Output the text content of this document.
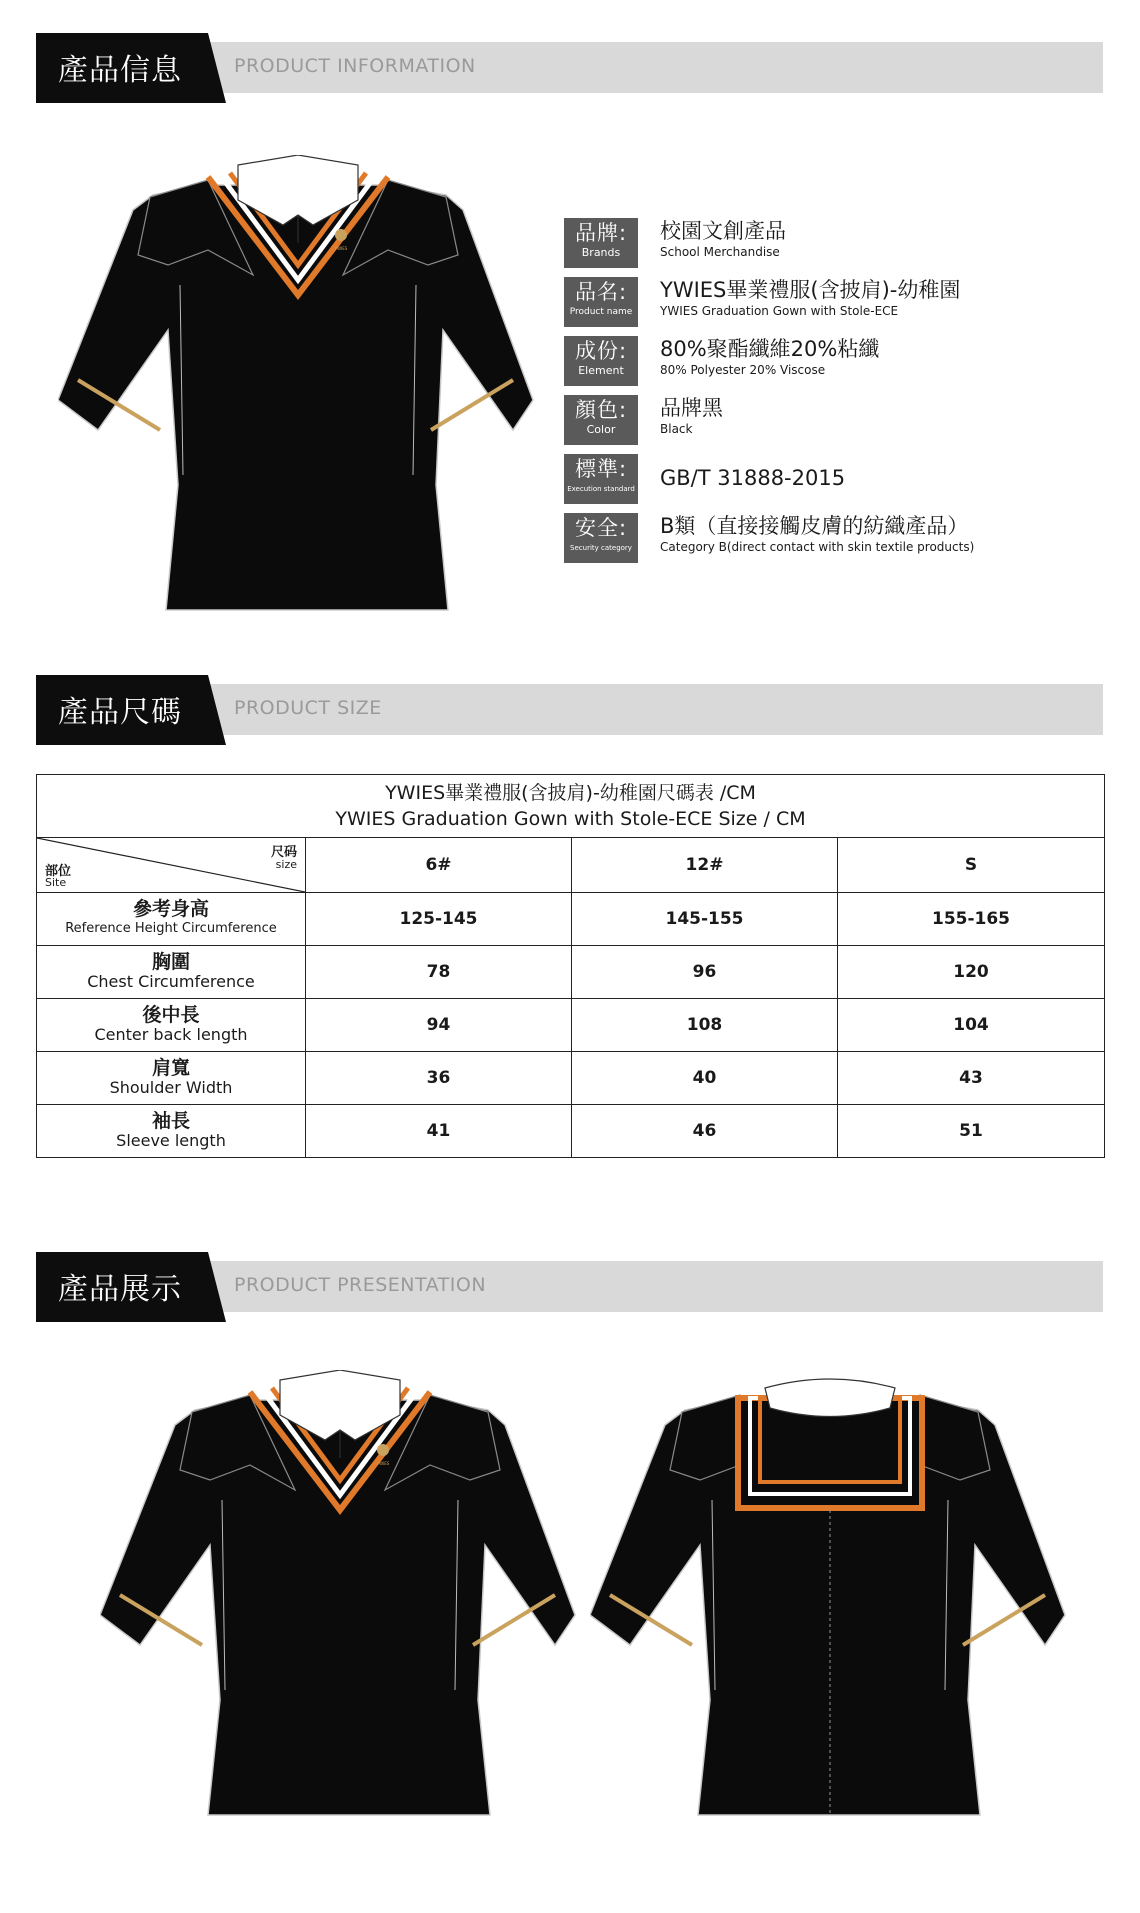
產品信息	PRODUCT INFORMATION
YWIES
品牌:
Brands
校園文創產品
School Merchandise
品名:
Product name
YWIES畢業禮服(含披肩)-幼稚園
YWIES Graduation Gown with Stole-ECE
成份:
Element
80%聚酯纖維20%粘纖
80% Polyester 20% Viscose
顏色:
Color
品牌黑
Black
標準:
Execution standard GB/T 31888-2015
安全:
Security category
B類（直接接觸皮膚的紡織產品）
Category B(direct contact with skin textile products)
產品尺碼	PRODUCT SIZE
YWIES畢業禮服(含披肩)-幼稚園尺碼表 /CM
YWIES Graduation Gown with Stole-ECE Size / CM			

尺码
size
部位
Site	6#	12#	S

參考身高
Reference Height Circumference	125-145	145-155	155-165

胸圍
Chest Circumference	78	96	120

後中長
Center back length	94	108	104

肩寬
Shoulder Width	36	40	43

袖長
Sleeve length	41	46	51
產品展示	PRODUCT PRESENTATION
YWIES
